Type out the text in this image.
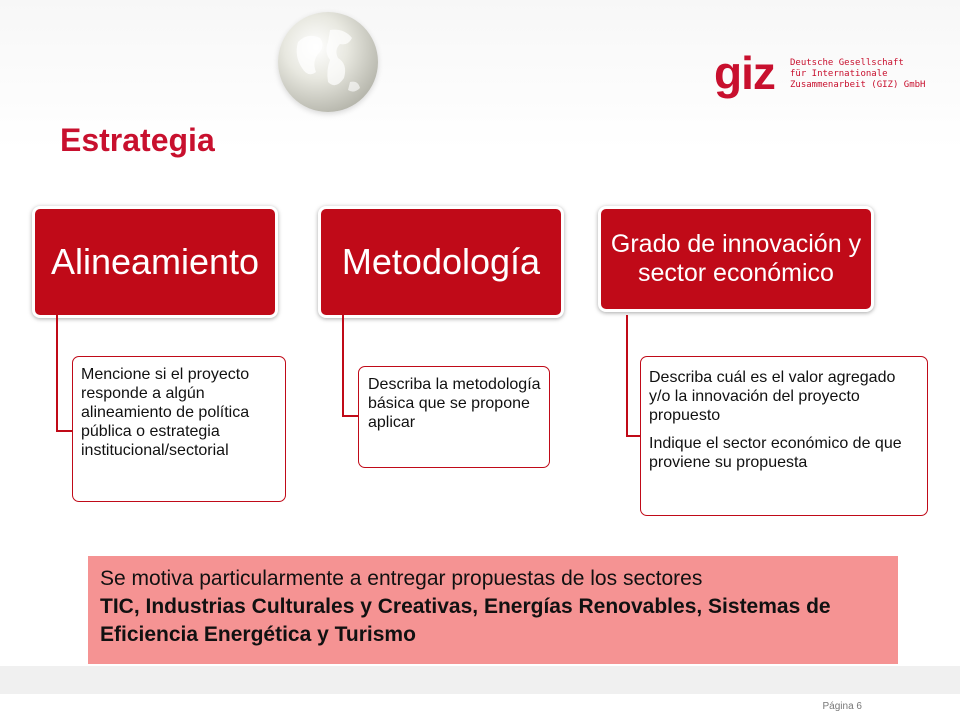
giz Deutsche Gesellschaft
für Internationale
Zusammenarbeit (GIZ) GmbH
Estrategia
Alineamiento

Mencione si el proyecto responde a algún alineamiento de política pública o estrategia institucional/sectorial

Metodología

Describa la metodología básica que se propone aplicar

Grado de innovación y sector económico

Describa cuál es el valor agregado y/o la innovación del proyecto propuesto

Indique el sector económico de que proviene su propuesta

Se motiva particularmente a entregar propuestas de los sectores
TIC, Industrias Culturales y Creativas, Energías Renovables, Sistemas de Eficiencia Energética y Turismo
Página 6
